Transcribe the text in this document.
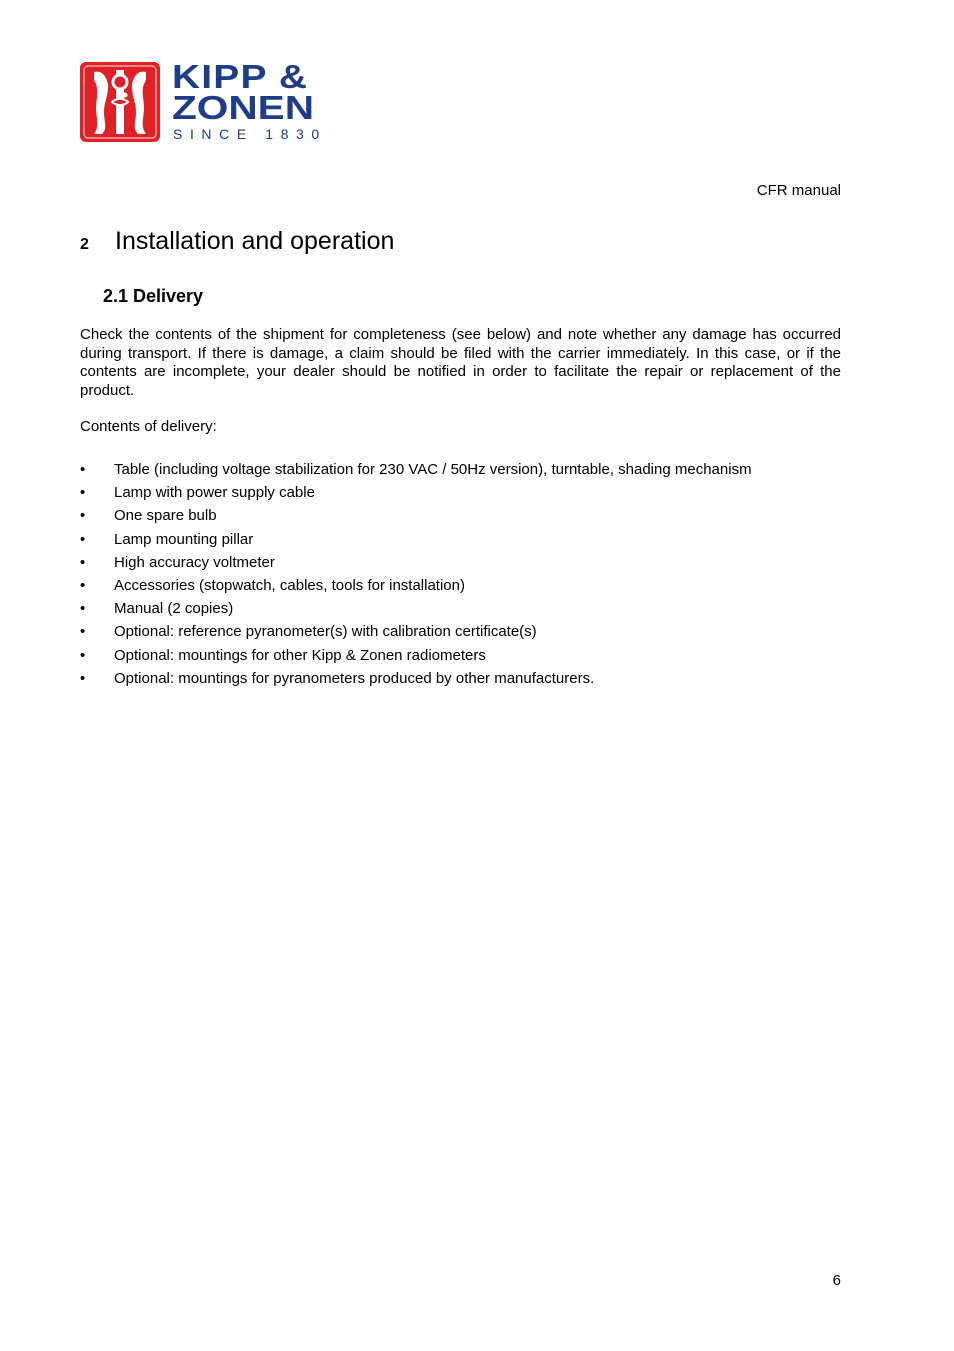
KIPP &
ZONEN
SINCE 1830
CFR manual
2 Installation and operation
2.1 Delivery

Check the contents of the shipment for completeness (see below) and note whether any damage has occurred during transport. If there is damage, a claim should be filed with the carrier immediately. In this case, or if the contents are incomplete, your dealer should be notified in order to facilitate the repair or replacement of the product.

Contents of delivery:

• Table (including voltage stabilization for 230 VAC / 50Hz version), turntable, shading mechanism
• Lamp with power supply cable
• One spare bulb
• Lamp mounting pillar
• High accuracy voltmeter
• Accessories (stopwatch, cables, tools for installation)
• Manual (2 copies)
• Optional: reference pyranometer(s) with calibration certificate(s)
• Optional: mountings for other Kipp & Zonen radiometers
• Optional: mountings for pyranometers produced by other manufacturers.
6
